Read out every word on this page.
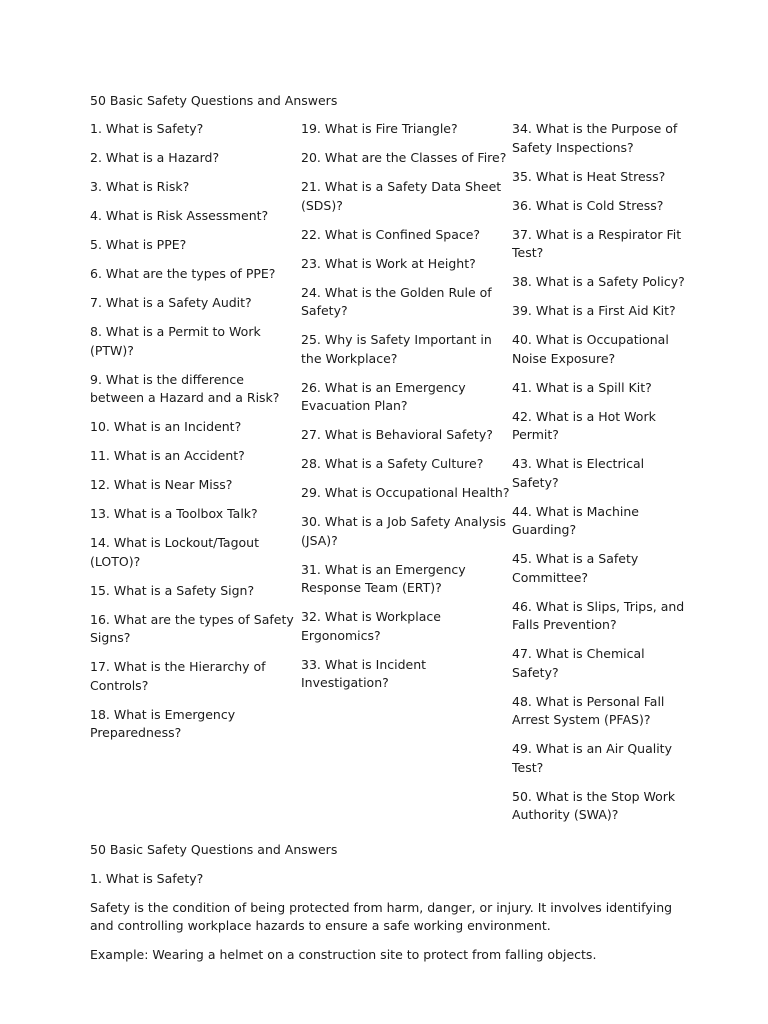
50 Basic Safety Questions and Answers
1. What is Safety?
2. What is a Hazard?
3. What is Risk?
4. What is Risk Assessment?
5. What is PPE?
6. What are the types of PPE?
7. What is a Safety Audit?
8. What is a Permit to Work (PTW)?
9. What is the difference between a Hazard and a Risk?
10. What is an Incident?
11. What is an Accident?
12. What is Near Miss?
13. What is a Toolbox Talk?
14. What is Lockout/Tagout (LOTO)?
15. What is a Safety Sign?
16. What are the types of Safety Signs?
17. What is the Hierarchy of Controls?
18. What is Emergency Preparedness?
19. What is Fire Triangle?
20. What are the Classes of Fire?
21. What is a Safety Data Sheet (SDS)?
22. What is Confined Space?
23. What is Work at Height?
24. What is the Golden Rule of Safety?
25. Why is Safety Important in the Workplace?
26. What is an Emergency Evacuation Plan?
27. What is Behavioral Safety?
28. What is a Safety Culture?
29. What is Occupational Health?
30. What is a Job Safety Analysis (JSA)?
31. What is an Emergency Response Team (ERT)?
32. What is Workplace Ergonomics?
33. What is Incident Investigation?
34. What is the Purpose of Safety Inspections?
35. What is Heat Stress?
36. What is Cold Stress?
37. What is a Respirator Fit Test?
38. What is a Safety Policy?
39. What is a First Aid Kit?
40. What is Occupational Noise Exposure?
41. What is a Spill Kit?
42. What is a Hot Work Permit?
43. What is Electrical Safety?
44. What is Machine Guarding?
45. What is a Safety Committee?
46. What is Slips, Trips, and Falls Prevention?
47. What is Chemical Safety?
48. What is Personal Fall Arrest System (PFAS)?
49. What is an Air Quality Test?
50. What is the Stop Work Authority (SWA)?
50 Basic Safety Questions and Answers
1. What is Safety?
Safety is the condition of being protected from harm, danger, or injury. It involves identifying and controlling workplace hazards to ensure a safe working environment.
Example: Wearing a helmet on a construction site to protect from falling objects.
